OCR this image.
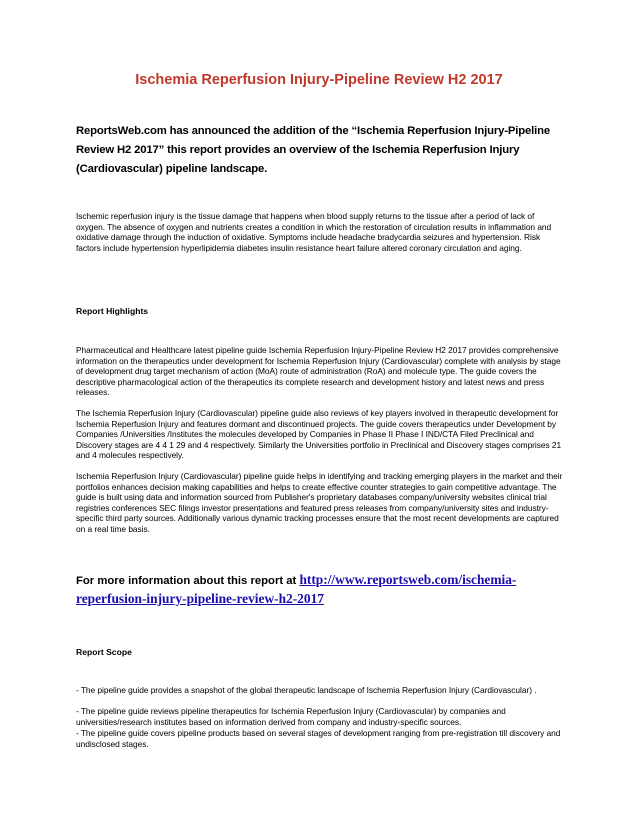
Ischemia Reperfusion Injury-Pipeline Review H2 2017

ReportsWeb.com has announced the addition of the “Ischemia Reperfusion Injury-Pipeline Review H2 2017” this report provides an overview of the Ischemia Reperfusion Injury (Cardiovascular) pipeline landscape.

Ischemic reperfusion injury is the tissue damage that happens when blood supply returns to the tissue after a period of lack of oxygen. The absence of oxygen and nutrients creates a condition in which the restoration of circulation results in inflammation and oxidative damage through the induction of oxidative. Symptoms include headache bradycardia seizures and hypertension. Risk factors include hypertension hyperlipidemia diabetes insulin resistance heart failure altered coronary circulation and aging.

Report Highlights

Pharmaceutical and Healthcare latest pipeline guide Ischemia Reperfusion Injury-Pipeline Review H2 2017 provides comprehensive information on the therapeutics under development for Ischemia Reperfusion Injury (Cardiovascular) complete with analysis by stage of development drug target mechanism of action (MoA) route of administration (RoA) and molecule type. The guide covers the descriptive pharmacological action of the therapeutics its complete research and development history and latest news and press releases.

The Ischemia Reperfusion Injury (Cardiovascular) pipeline guide also reviews of key players involved in therapeutic development for Ischemia Reperfusion Injury and features dormant and discontinued projects. The guide covers therapeutics under Development by Companies /Universities /Institutes the molecules developed by Companies in Phase II Phase I IND/CTA Filed Preclinical and Discovery stages are 4 4 1 29 and 4 respectively. Similarly the Universities portfolio in Preclinical and Discovery stages comprises 21 and 4 molecules respectively.

Ischemia Reperfusion Injury (Cardiovascular) pipeline guide helps in identifying and tracking emerging players in the market and their portfolios enhances decision making capabilities and helps to create effective counter strategies to gain competitive advantage. The guide is built using data and information sourced from Publisher's proprietary databases company/university websites clinical trial registries conferences SEC filings investor presentations and featured press releases from company/university sites and industry-specific third party sources. Additionally various dynamic tracking processes ensure that the most recent developments are captured on a real time basis.

For more information about this report at http://www.reportsweb.com/ischemia-reperfusion-injury-pipeline-review-h2-2017

Report Scope

- The pipeline guide provides a snapshot of the global therapeutic landscape of Ischemia Reperfusion Injury (Cardiovascular) .

- The pipeline guide reviews pipeline therapeutics for Ischemia Reperfusion Injury (Cardiovascular) by companies and universities/research institutes based on information derived from company and industry-specific sources.

- The pipeline guide covers pipeline products based on several stages of development ranging from pre-registration till discovery and undisclosed stages.
